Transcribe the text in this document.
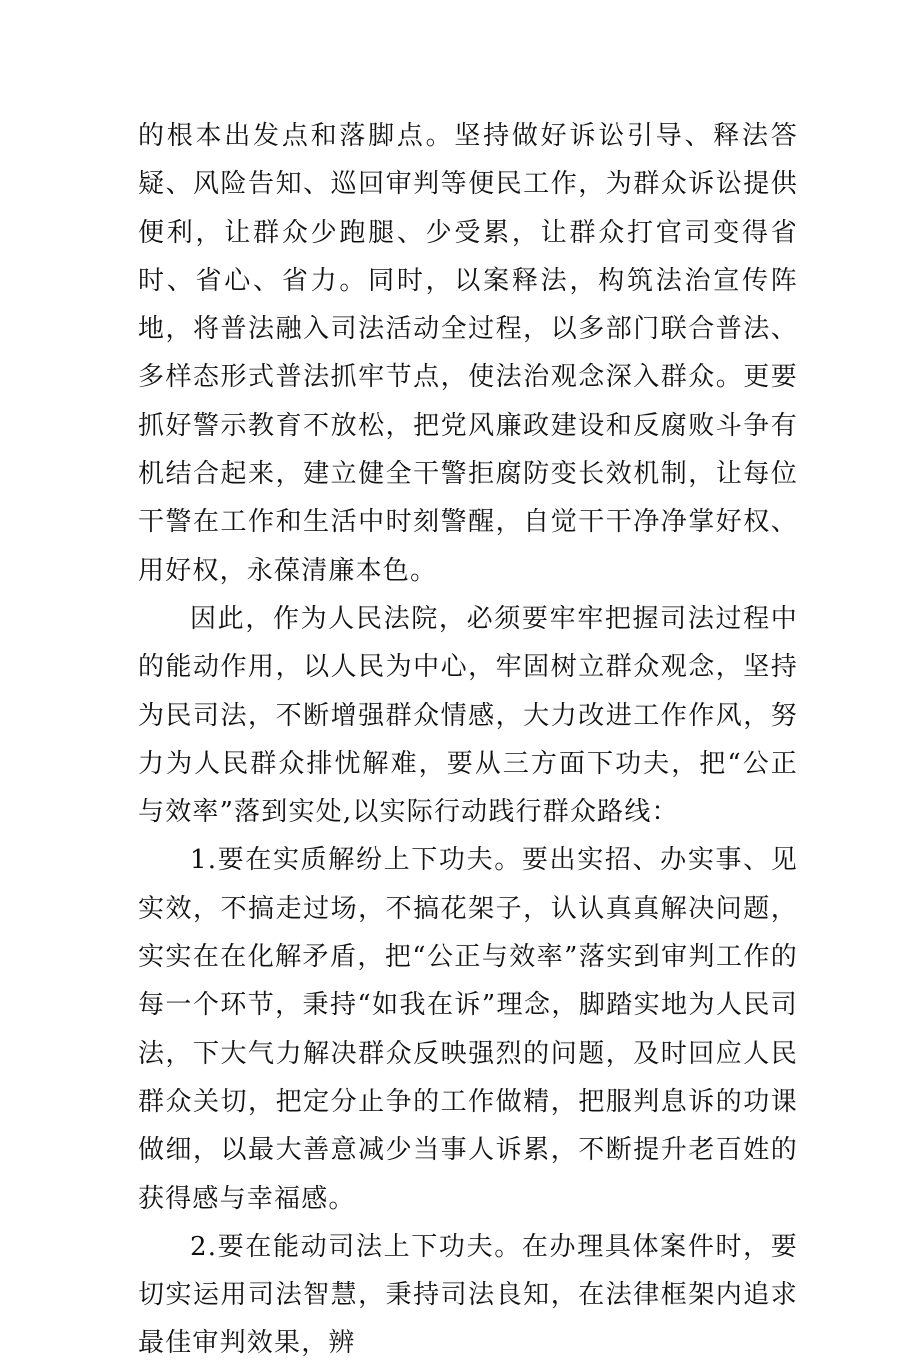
的根本出发点和落脚点。坚持做好诉讼引导、释法答疑、风险告知、巡回审判等便民工作，为群众诉讼提供便利，让群众少跑腿、少受累，让群众打官司变得省时、省心、省力。同时，以案释法，构筑法治宣传阵地，将普法融入司法活动全过程，以多部门联合普法、多样态形式普法抓牢节点，使法治观念深入群众。更要抓好警示教育不放松，把党风廉政建设和反腐败斗争有机结合起来，建立健全干警拒腐防变长效机制，让每位干警在工作和生活中时刻警醒，自觉干干净净掌好权、用好权，永葆清廉本色。

因此，作为人民法院，必须要牢牢把握司法过程中的能动作用，以人民为中心，牢固树立群众观念，坚持为民司法，不断增强群众情感，大力改进工作作风，努力为人民群众排忧解难，要从三方面下功夫，把“公正与效率”落到实处,以实际行动践行群众路线：

1.要在实质解纷上下功夫。要出实招、办实事、见实效，不搞走过场，不搞花架子，认认真真解决问题，实实在在化解矛盾，把“公正与效率”落实到审判工作的每一个环节，秉持“如我在诉”理念，脚踏实地为人民司法，下大气力解决群众反映强烈的问题，及时回应人民群众关切，把定分止争的工作做精，把服判息诉的功课做细，以最大善意减少当事人诉累，不断提升老百姓的获得感与幸福感。

2.要在能动司法上下功夫。在办理具体案件时，要切实运用司法智慧，秉持司法良知，在法律框架内追求最佳审判效果，辨
